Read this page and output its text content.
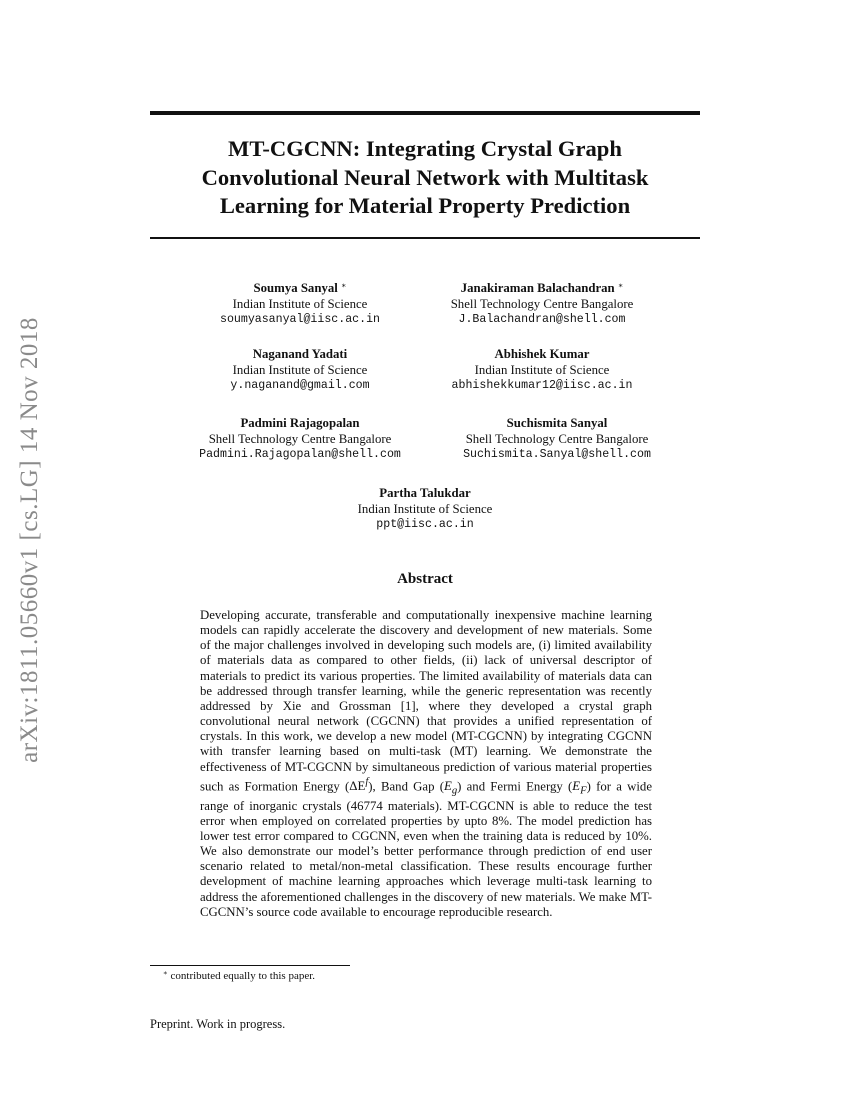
arXiv:1811.05660v1 [cs.LG] 14 Nov 2018
MT-CGCNN: Integrating Crystal Graph
Convolutional Neural Network with Multitask
Learning for Material Property Prediction
Soumya Sanyal ∗
Indian Institute of Science
soumyasanyal@iisc.ac.in
Janakiraman Balachandran ∗
Shell Technology Centre Bangalore
J.Balachandran@shell.com
Naganand Yadati
Indian Institute of Science
y.naganand@gmail.com
Abhishek Kumar
Indian Institute of Science
abhishekkumar12@iisc.ac.in
Padmini Rajagopalan
Shell Technology Centre Bangalore
Padmini.Rajagopalan@shell.com
Suchismita Sanyal
Shell Technology Centre Bangalore
Suchismita.Sanyal@shell.com
Partha Talukdar
Indian Institute of Science
ppt@iisc.ac.in
Abstract
Developing accurate, transferable and computationally inexpensive machine learning models can rapidly accelerate the discovery and development of new materials. Some of the major challenges involved in developing such models are, (i) limited availability of materials data as compared to other fields, (ii) lack of universal descriptor of materials to predict its various properties. The limited availability of materials data can be addressed through transfer learning, while the generic representation was recently addressed by Xie and Grossman [1], where they developed a crystal graph convolutional neural network (CGCNN) that provides a unified representation of crystals. In this work, we develop a new model (MT-CGCNN) by integrating CGCNN with transfer learning based on multi-task (MT) learning. We demonstrate the effectiveness of MT-CGCNN by simultaneous prediction of various material properties such as Formation Energy $(\Delta E^f)$, Band Gap $(E_g)$ and Fermi Energy $(E_F)$ for a wide range of inorganic crystals (46774 materials). MT-CGCNN is able to reduce the test error when employed on correlated properties by upto 8%. The model prediction has lower test error compared to CGCNN, even when the training data is reduced by 10%. We also demonstrate our model’s better performance through prediction of end user scenario related to metal/non-metal classification. These results encourage further development of machine learning approaches which leverage multi-task learning to address the aforementioned challenges in the discovery of new materials. We make MT-CGCNN’s source code available to encourage reproducible research.
∗ contributed equally to this paper.
Preprint. Work in progress.
